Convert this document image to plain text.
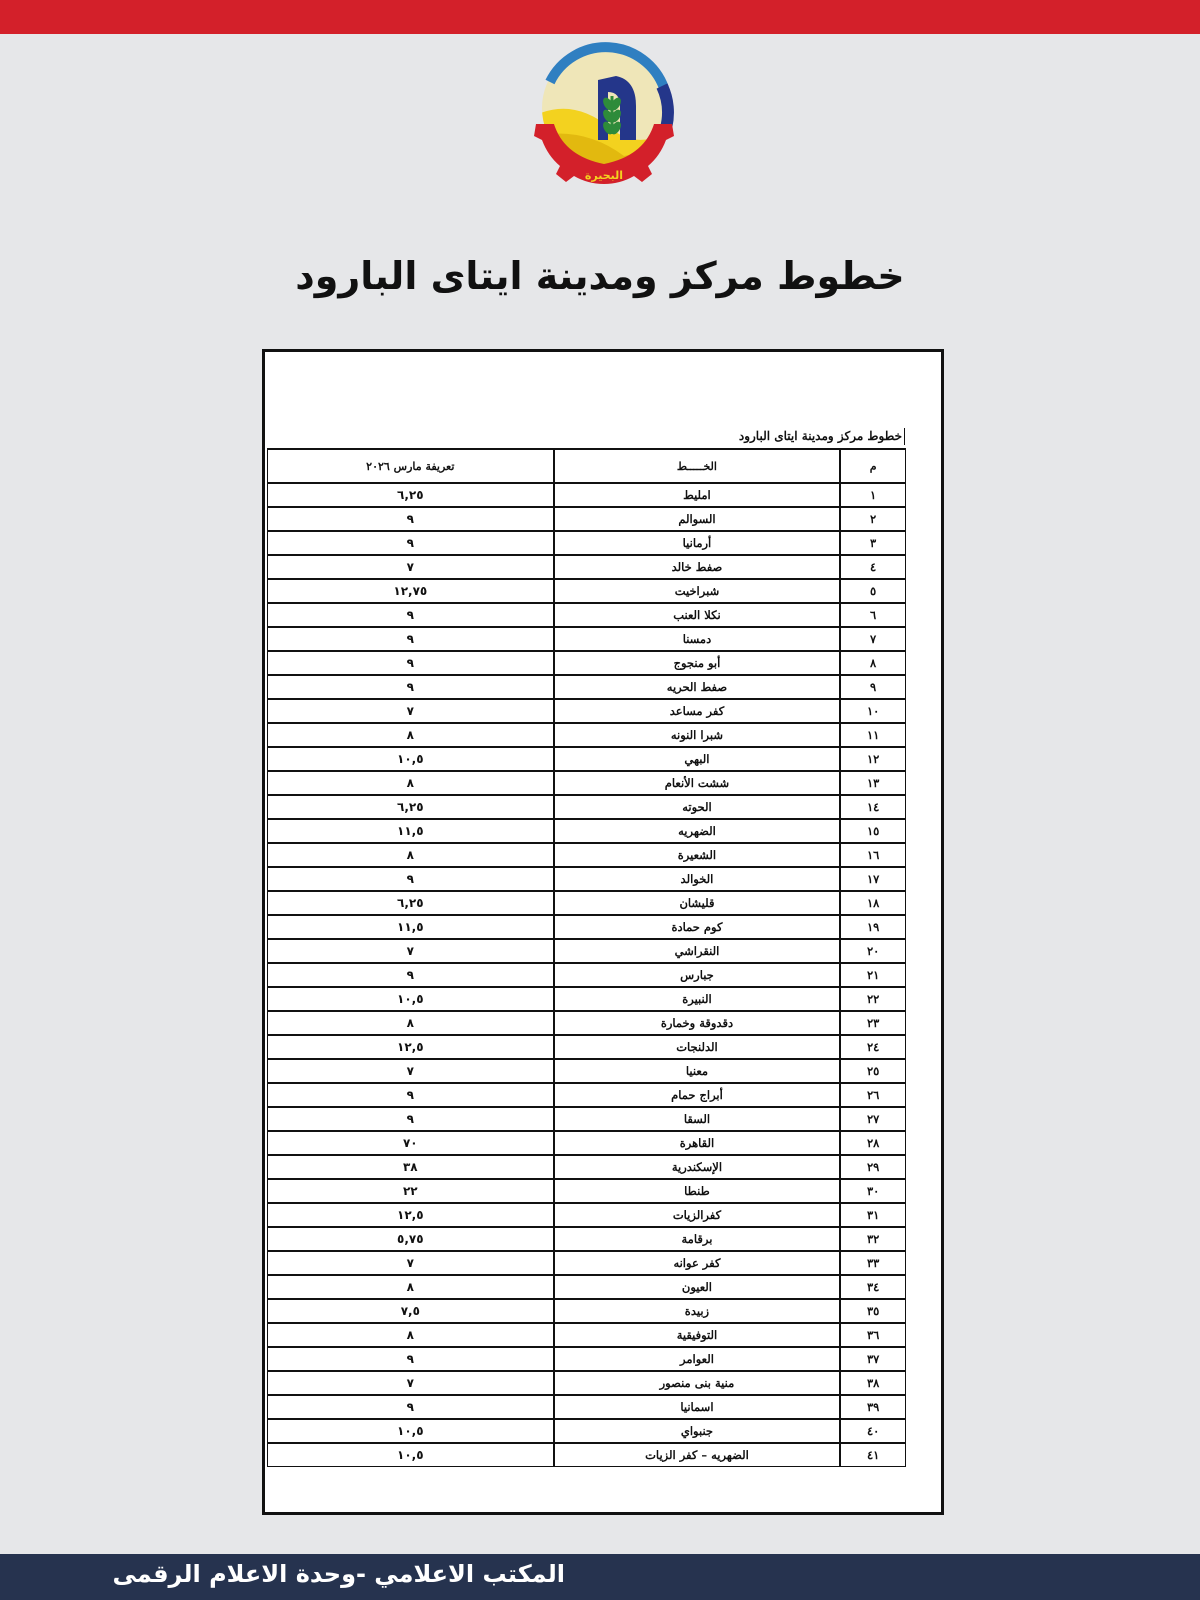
البحيرة
خطوط مركز ومدينة ايتاى البارود
خطوط مركز ومدينة ايتاى البارود
م	الخـــــط	تعريفة مارس ٢٠٢٦
١	امليط	٦,٢٥
٢	السوالم	٩
٣	أرمانيا	٩
٤	صفط خالد	٧
٥	شبراخيت	١٢,٧٥
٦	نكلا العنب	٩
٧	دمسنا	٩
٨	أبو منجوج	٩
٩	صفط الحريه	٩
١٠	كفر مساعد	٧
١١	شبرا النونه	٨
١٢	البهي	١٠,٥
١٣	ششت الأنعام	٨
١٤	الحوته	٦,٢٥
١٥	الضهريه	١١,٥
١٦	الشعيرة	٨
١٧	الخوالد	٩
١٨	قليشان	٦,٢٥
١٩	كوم حمادة	١١,٥
٢٠	النقراشي	٧
٢١	جبارس	٩
٢٢	النبيرة	١٠,٥
٢٣	دقدوقة وخمارة	٨
٢٤	الدلنجات	١٢,٥
٢٥	معنيا	٧
٢٦	أبراج حمام	٩
٢٧	السقا	٩
٢٨	القاهرة	٧٠
٢٩	الإسكندرية	٣٨
٣٠	طنطا	٢٢
٣١	كفرالزيات	١٢,٥
٣٢	برقامة	٥,٧٥
٣٣	كفر عوانه	٧
٣٤	العيون	٨
٣٥	زبيدة	٧,٥
٣٦	التوفيقية	٨
٣٧	العوامر	٩
٣٨	منية بنى منصور	٧
٣٩	اسمانيا	٩
٤٠	جنبواي	١٠,٥
٤١	الضهريه – كفر الزيات	١٠,٥
المكتب الاعلامي -وحدة الاعلام الرقمى
